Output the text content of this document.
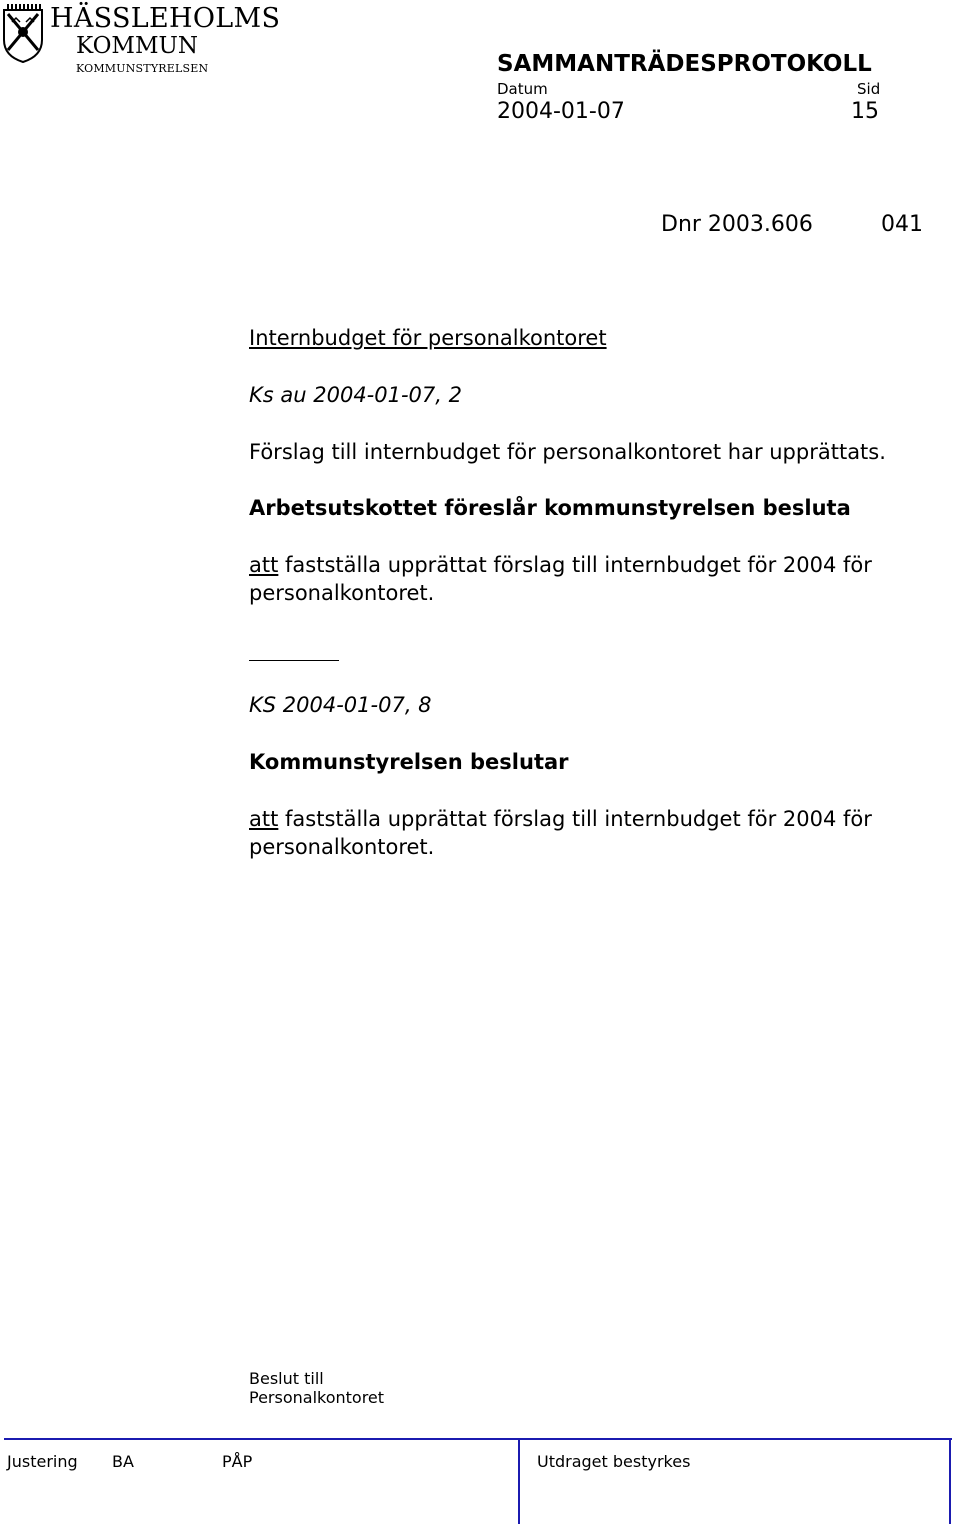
HÄSSLEHOLMS
KOMMUN
KOMMUNSTYRELSEN	SAMMANTRÄDESPROTOKOLL
Datum	Sid
2004-01-07	15
Dnr 2003.606	041
Internbudget för personalkontoret
Ks au 2004-01-07, 2
Förslag till internbudget för personalkontoret har upprättats.
Arbetsutskottet föreslår kommunstyrelsen besluta
att fastställa upprättat förslag till internbudget för 2004 för
personalkontoret.
KS 2004-01-07, 8
Kommunstyrelsen beslutar
att fastställa upprättat förslag till internbudget för 2004 för
personalkontoret.
Beslut till
Personalkontoret
Justering BA	PÅP	Utdraget bestyrkes
